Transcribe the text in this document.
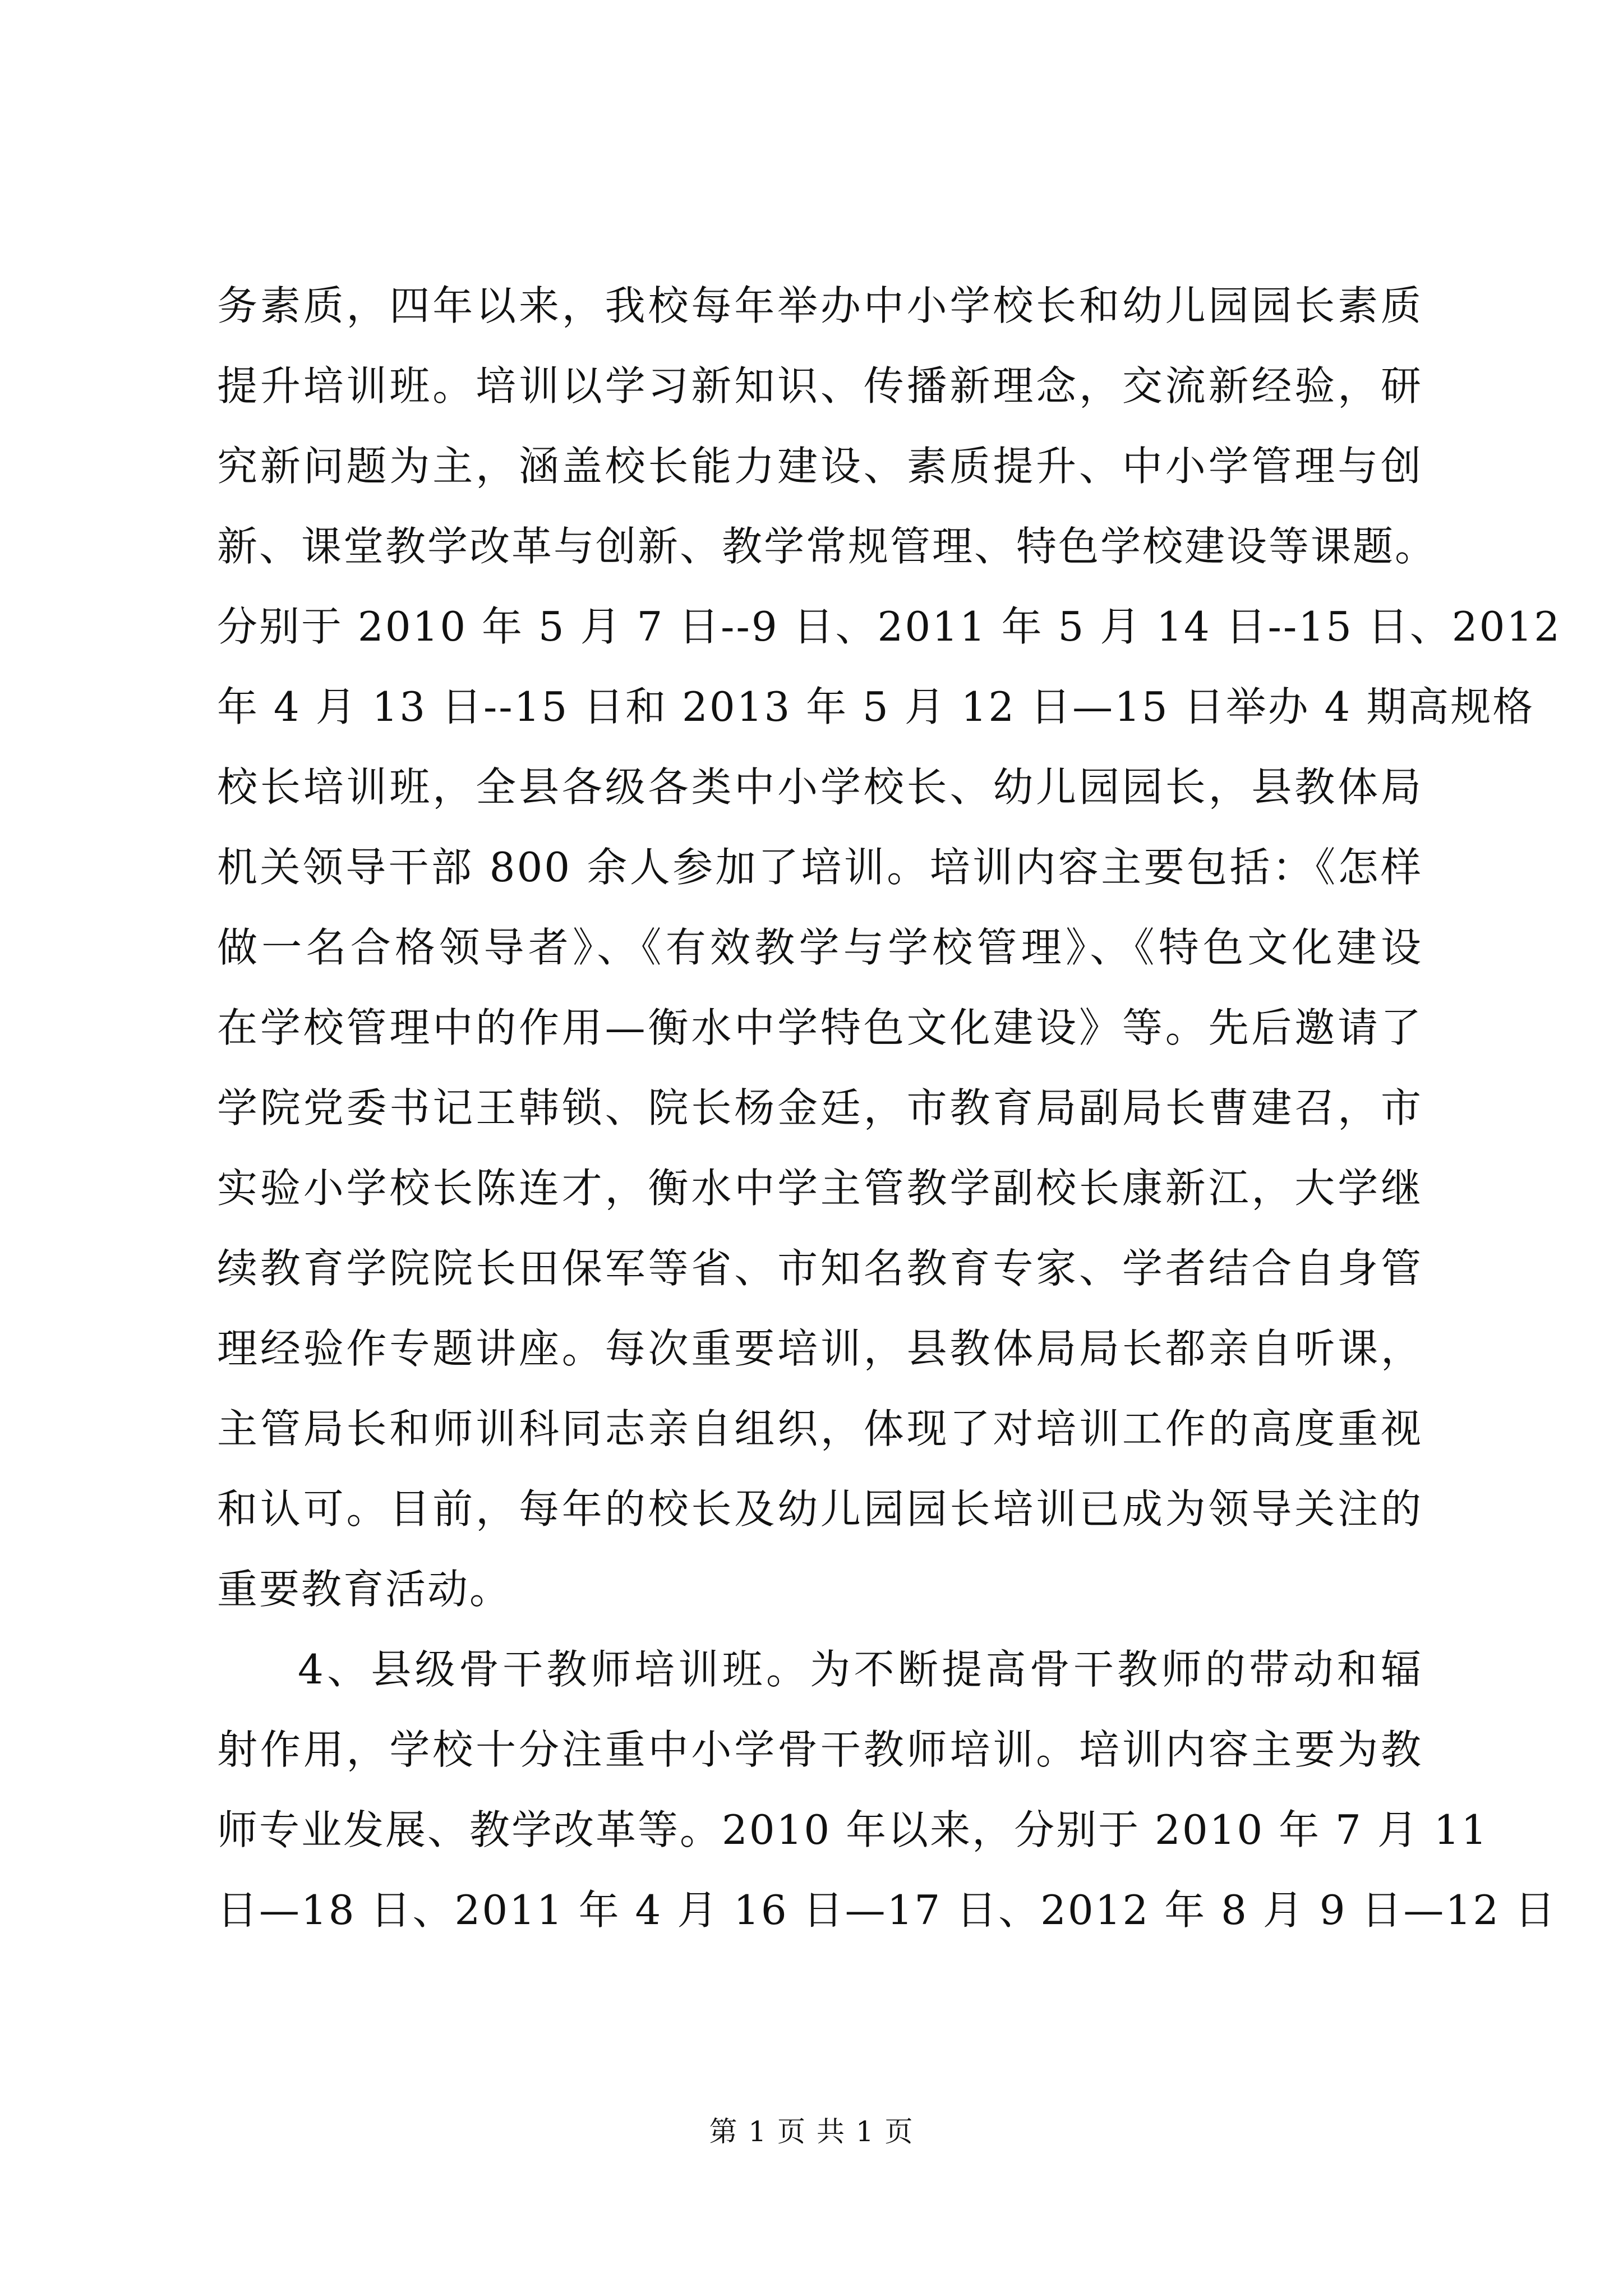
务素质，四年以来，我校每年举办中小学校长和幼儿园园长素质
提升培训班。培训以学习新知识、传播新理念，交流新经验，研
究新问题为主，涵盖校长能力建设、素质提升、中小学管理与创
新、课堂教学改革与创新、教学常规管理、特色学校建设等课题。
分别于 2010 年 5 月 7 日--9 日、2011 年 5 月 14 日--15 日、2012
年 4 月 13 日--15 日和 2013 年 5 月 12 日—15 日举办 4 期高规格
校长培训班，全县各级各类中小学校长、幼儿园园长，县教体局
机关领导干部 800 余人参加了培训。培训内容主要包括：《怎样
做一名合格领导者》、《有效教学与学校管理》、《特色文化建设
在学校管理中的作用—衡水中学特色文化建设》等。先后邀请了
学院党委书记王韩锁、院长杨金廷，市教育局副局长曹建召，市
实验小学校长陈连才，衡水中学主管教学副校长康新江，大学继
续教育学院院长田保军等省、市知名教育专家、学者结合自身管
理经验作专题讲座。每次重要培训，县教体局局长都亲自听课，
主管局长和师训科同志亲自组织，体现了对培训工作的高度重视
和认可。目前，每年的校长及幼儿园园长培训已成为领导关注的
重要教育活动。
4、县级骨干教师培训班。为不断提高骨干教师的带动和辐
射作用，学校十分注重中小学骨干教师培训。培训内容主要为教
师专业发展、教学改革等。2010 年以来，分别于 2010 年 7 月 11
日—18 日、2011 年 4 月 16 日—17 日、2012 年 8 月 9 日—12 日
第 1 页 共 1 页
